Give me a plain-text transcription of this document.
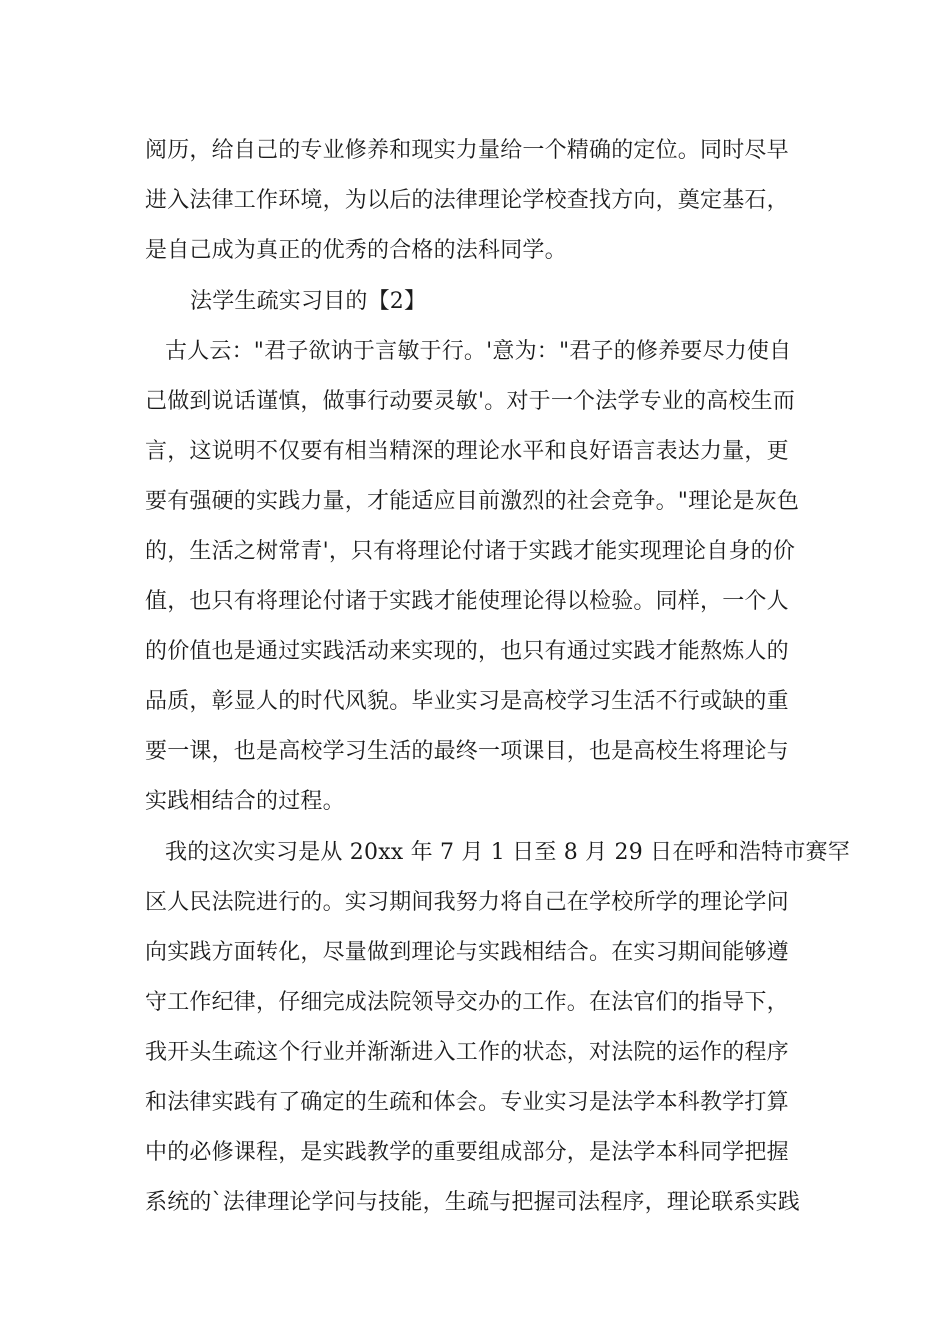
阅历，给自己的专业修养和现实力量给一个精确的定位。同时尽早
进入法律工作环境，为以后的法律理论学校查找方向，奠定基石，
是自己成为真正的优秀的合格的法科同学。
法学生疏实习目的【2】
古人云："君子欲讷于言敏于行。'意为："君子的修养要尽力使自
己做到说话谨慎，做事行动要灵敏'。对于一个法学专业的高校生而
言，这说明不仅要有相当精深的理论水平和良好语言表达力量，更
要有强硬的实践力量，才能适应目前激烈的社会竞争。"理论是灰色
的，生活之树常青'，只有将理论付诸于实践才能实现理论自身的价
值，也只有将理论付诸于实践才能使理论得以检验。同样，一个人
的价值也是通过实践活动来实现的，也只有通过实践才能熬炼人的
品质，彰显人的时代风貌。毕业实习是高校学习生活不行或缺的重
要一课，也是高校学习生活的最终一项课目，也是高校生将理论与
实践相结合的过程。
我的这次实习是从 20xx 年 7 月 1 日至 8 月 29 日在呼和浩特市赛罕
区人民法院进行的。实习期间我努力将自己在学校所学的理论学问
向实践方面转化，尽量做到理论与实践相结合。在实习期间能够遵
守工作纪律，仔细完成法院领导交办的工作。在法官们的指导下，
我开头生疏这个行业并渐渐进入工作的状态，对法院的运作的程序
和法律实践有了确定的生疏和体会。专业实习是法学本科教学打算
中的必修课程，是实践教学的重要组成部分，是法学本科同学把握
系统的`法律理论学问与技能，生疏与把握司法程序，理论联系实践
